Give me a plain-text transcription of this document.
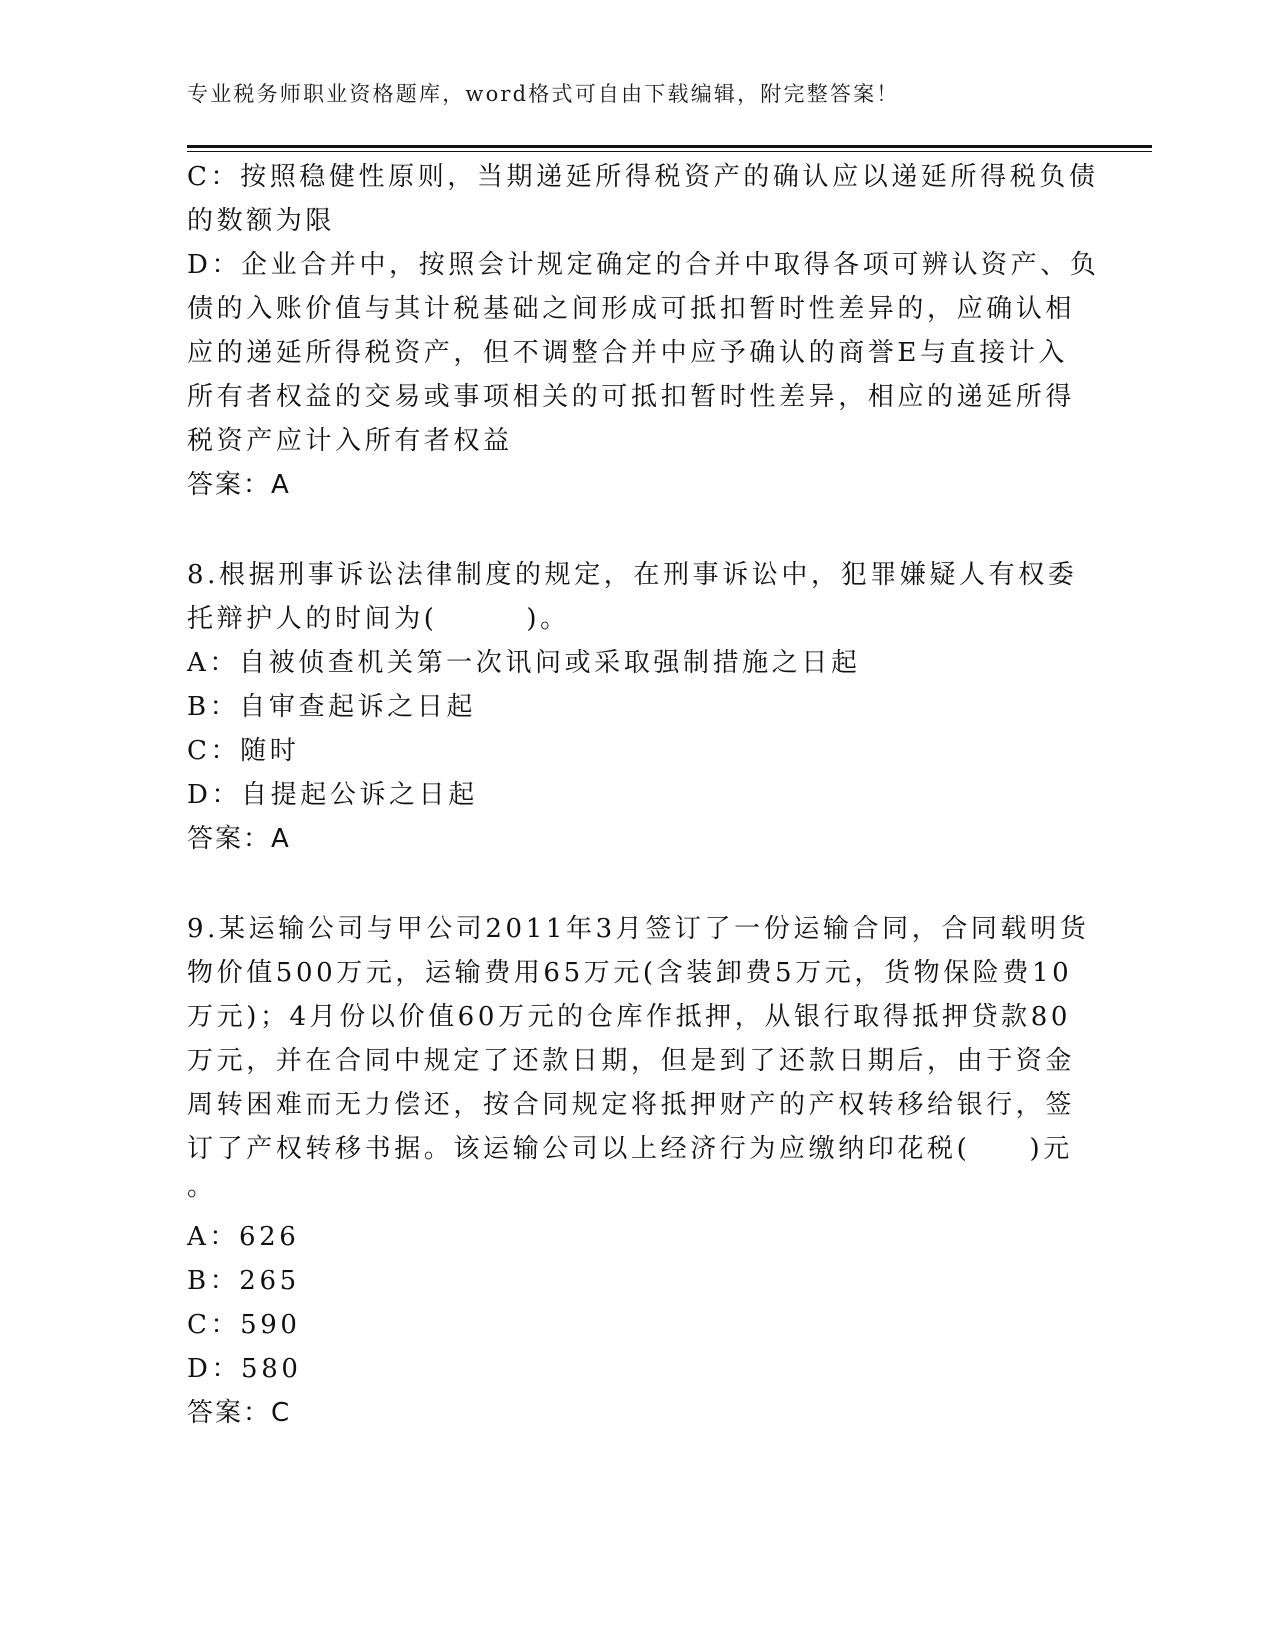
专业税务师职业资格题库，word格式可自由下载编辑，附完整答案！
C：按照稳健性原则，当期递延所得税资产的确认应以递延所得税负债
的数额为限
D：企业合并中，按照会计规定确定的合并中取得各项可辨认资产、负
债的入账价值与其计税基础之间形成可抵扣暂时性差异的，应确认相
应的递延所得税资产，但不调整合并中应予确认的商誉E与直接计入
所有者权益的交易或事项相关的可抵扣暂时性差异，相应的递延所得
税资产应计入所有者权益
答案：A
8.根据刑事诉讼法律制度的规定，在刑事诉讼中，犯罪嫌疑人有权委
托辩护人的时间为(　　　)。
A：自被侦查机关第一次讯问或采取强制措施之日起
B：自审查起诉之日起
C：随时
D：自提起公诉之日起
答案：A
9.某运输公司与甲公司2011年3月签订了一份运输合同，合同载明货
物价值500万元，运输费用65万元(含装卸费5万元，货物保险费10
万元)；4月份以价值60万元的仓库作抵押，从银行取得抵押贷款80
万元，并在合同中规定了还款日期，但是到了还款日期后，由于资金
周转困难而无力偿还，按合同规定将抵押财产的产权转移给银行，签
订了产权转移书据。该运输公司以上经济行为应缴纳印花税(　　)元
。
A：626
B：265
C：590
D：580
答案：C
